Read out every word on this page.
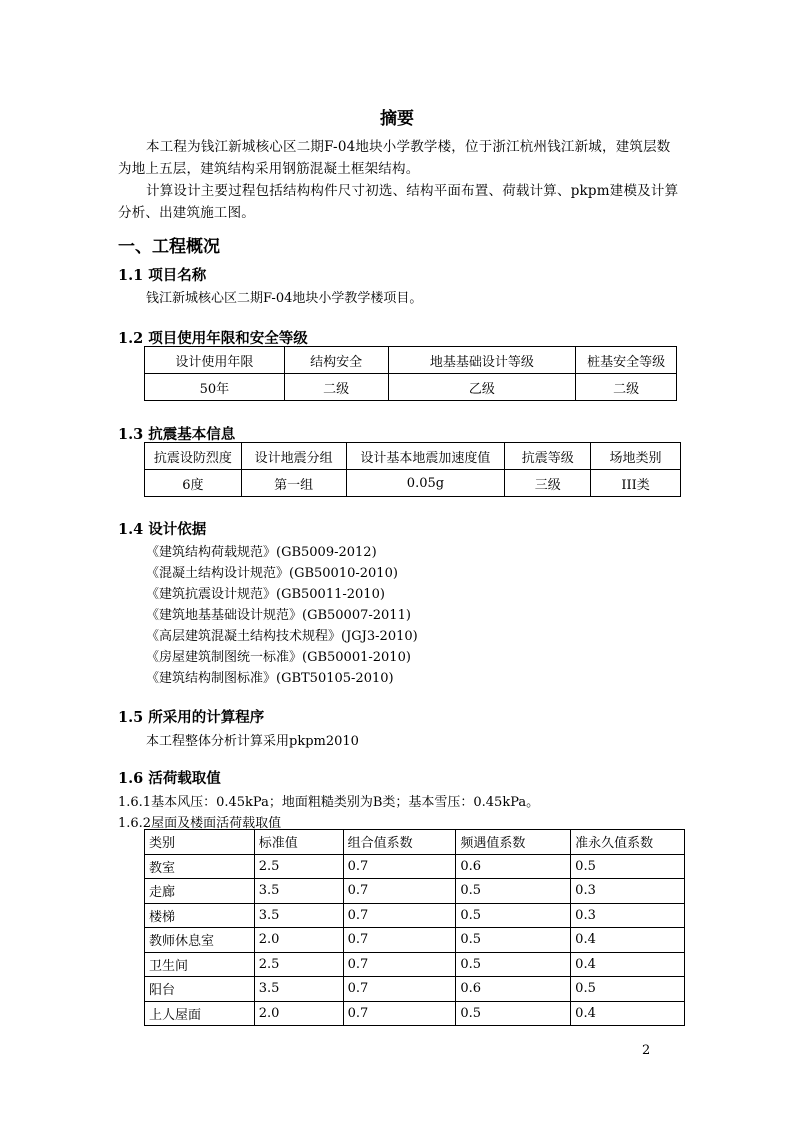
摘要
本工程为钱江新城核心区二期F-04地块小学教学楼，位于浙江杭州钱江新城，建筑层数为地上五层，建筑结构采用钢筋混凝土框架结构。
计算设计主要过程包括结构构件尺寸初选、结构平面布置、荷载计算、pkpm建模及计算分析、出建筑施工图。
一、工程概况
1.1 项目名称
钱江新城核心区二期F-04地块小学教学楼项目。
1.2 项目使用年限和安全等级
设计使用年限	结构安全	地基基础设计等级	桩基安全等级
50年	二级	乙级	二级
1.3 抗震基本信息
抗震设防烈度	设计地震分组	设计基本地震加速度值	抗震等级	场地类别
6度	第一组	0.05g	三级	III类
1.4 设计依据
《建筑结构荷载规范》(GB5009-2012)
《混凝土结构设计规范》(GB50010-2010)
《建筑抗震设计规范》(GB50011-2010)
《建筑地基基础设计规范》(GB50007-2011)
《高层建筑混凝土结构技术规程》(JGJ3-2010)
《房屋建筑制图统一标准》(GB50001-2010)
《建筑结构制图标准》(GBT50105-2010)
1.5 所采用的计算程序
本工程整体分析计算采用pkpm2010
1.6 活荷载取值
1.6.1基本风压：0.45kPa；地面粗糙类别为B类；基本雪压：0.45kPa。
1.6.2屋面及楼面活荷载取值
类别	标准值	组合值系数	频遇值系数	准永久值系数
教室	2.5	0.7	0.6	0.5
走廊	3.5	0.7	0.5	0.3
楼梯	3.5	0.7	0.5	0.3
教师休息室	2.0	0.7	0.5	0.4
卫生间	2.5	0.7	0.5	0.4
阳台	3.5	0.7	0.6	0.5
上人屋面	2.0	0.7	0.5	0.4
2
